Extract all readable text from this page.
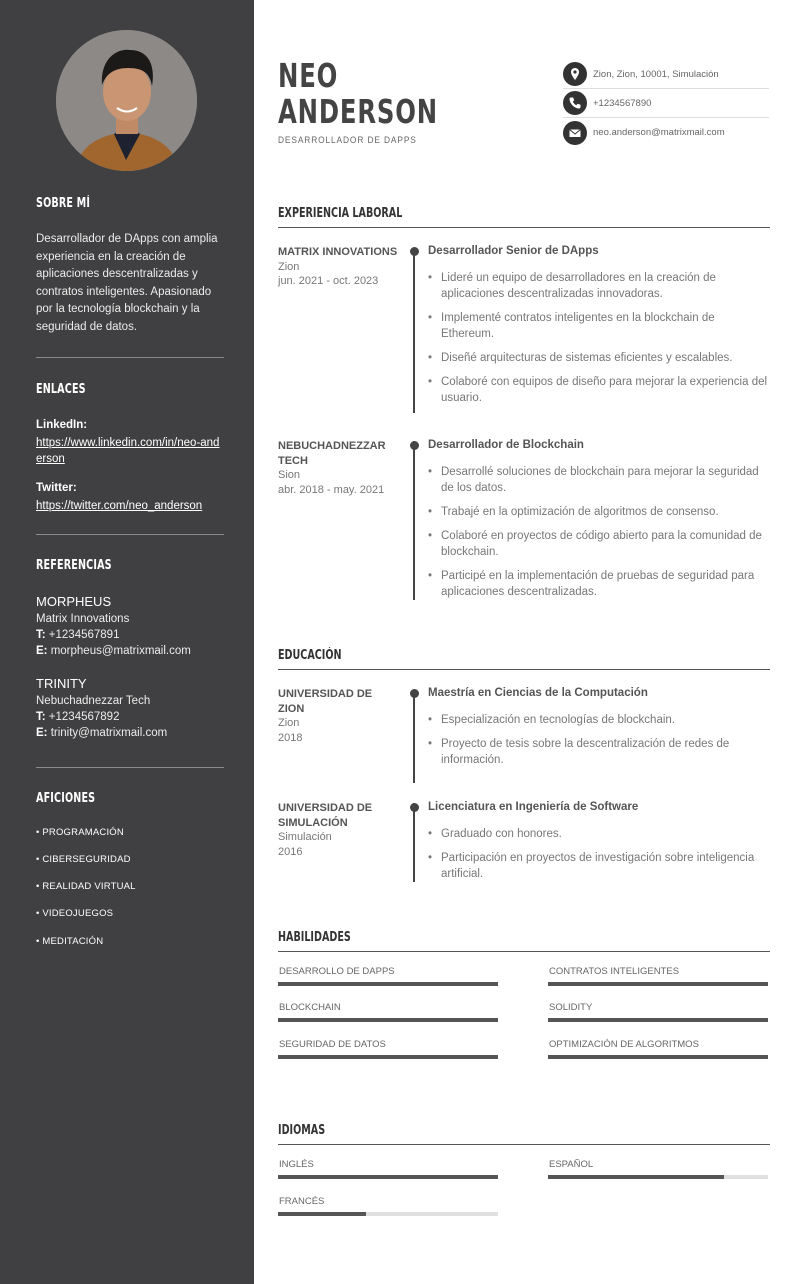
SOBRE MÍ
Desarrollador de DApps con amplia experiencia en la creación de aplicaciones descentralizadas y contratos inteligentes. Apasionado por la tecnología blockchain y la seguridad de datos.
ENLACES
LinkedIn:
https://www.linkedin.com/in/neo-anderson
Twitter:
https://twitter.com/neo_anderson
REFERENCIAS
MORPHEUS
Matrix Innovations
T: +1234567891
E: morpheus@matrixmail.com
TRINITY
Nebuchadnezzar Tech
T: +1234567892
E: trinity@matrixmail.com
AFICIONES
• PROGRAMACIÓN
• CIBERSEGURIDAD
• REALIDAD VIRTUAL
• VIDEOJUEGOS
• MEDITACIÓN
NEO
ANDERSON
DESARROLLADOR DE DAPPS
Zion, Zion, 10001, Simulación
+1234567890
neo.anderson@matrixmail.com
EXPERIENCIA LABORAL
MATRIX INNOVATIONS
Zion
jun. 2021 - oct. 2023
Desarrollador Senior de DApps
• Lideré un equipo de desarrolladores en la creación de aplicaciones descentralizadas innovadoras.
• Implementé contratos inteligentes en la blockchain de Ethereum.
• Diseñé arquitecturas de sistemas eficientes y escalables.
• Colaboré con equipos de diseño para mejorar la experiencia del usuario.
NEBUCHADNEZZAR TECH
Sion
abr. 2018 - may. 2021
Desarrollador de Blockchain
• Desarrollé soluciones de blockchain para mejorar la seguridad de los datos.
• Trabajé en la optimización de algoritmos de consenso.
• Colaboré en proyectos de código abierto para la comunidad de blockchain.
• Participé en la implementación de pruebas de seguridad para aplicaciones descentralizadas.
EDUCACIÓN
UNIVERSIDAD DE ZION
Zion
2018
Maestría en Ciencias de la Computación
• Especialización en tecnologías de blockchain.
• Proyecto de tesis sobre la descentralización de redes de información.
UNIVERSIDAD DE SIMULACIÓN
Simulación
2016
Licenciatura en Ingeniería de Software
• Graduado con honores.
• Participación en proyectos de investigación sobre inteligencia artificial.
HABILIDADES
DESARROLLO DE DAPPS	CONTRATOS INTELIGENTES
BLOCKCHAIN	SOLIDITY
SEGURIDAD DE DATOS	OPTIMIZACIÓN DE ALGORITMOS
IDIOMAS
INGLÉS	ESPAÑOL
FRANCÉS
